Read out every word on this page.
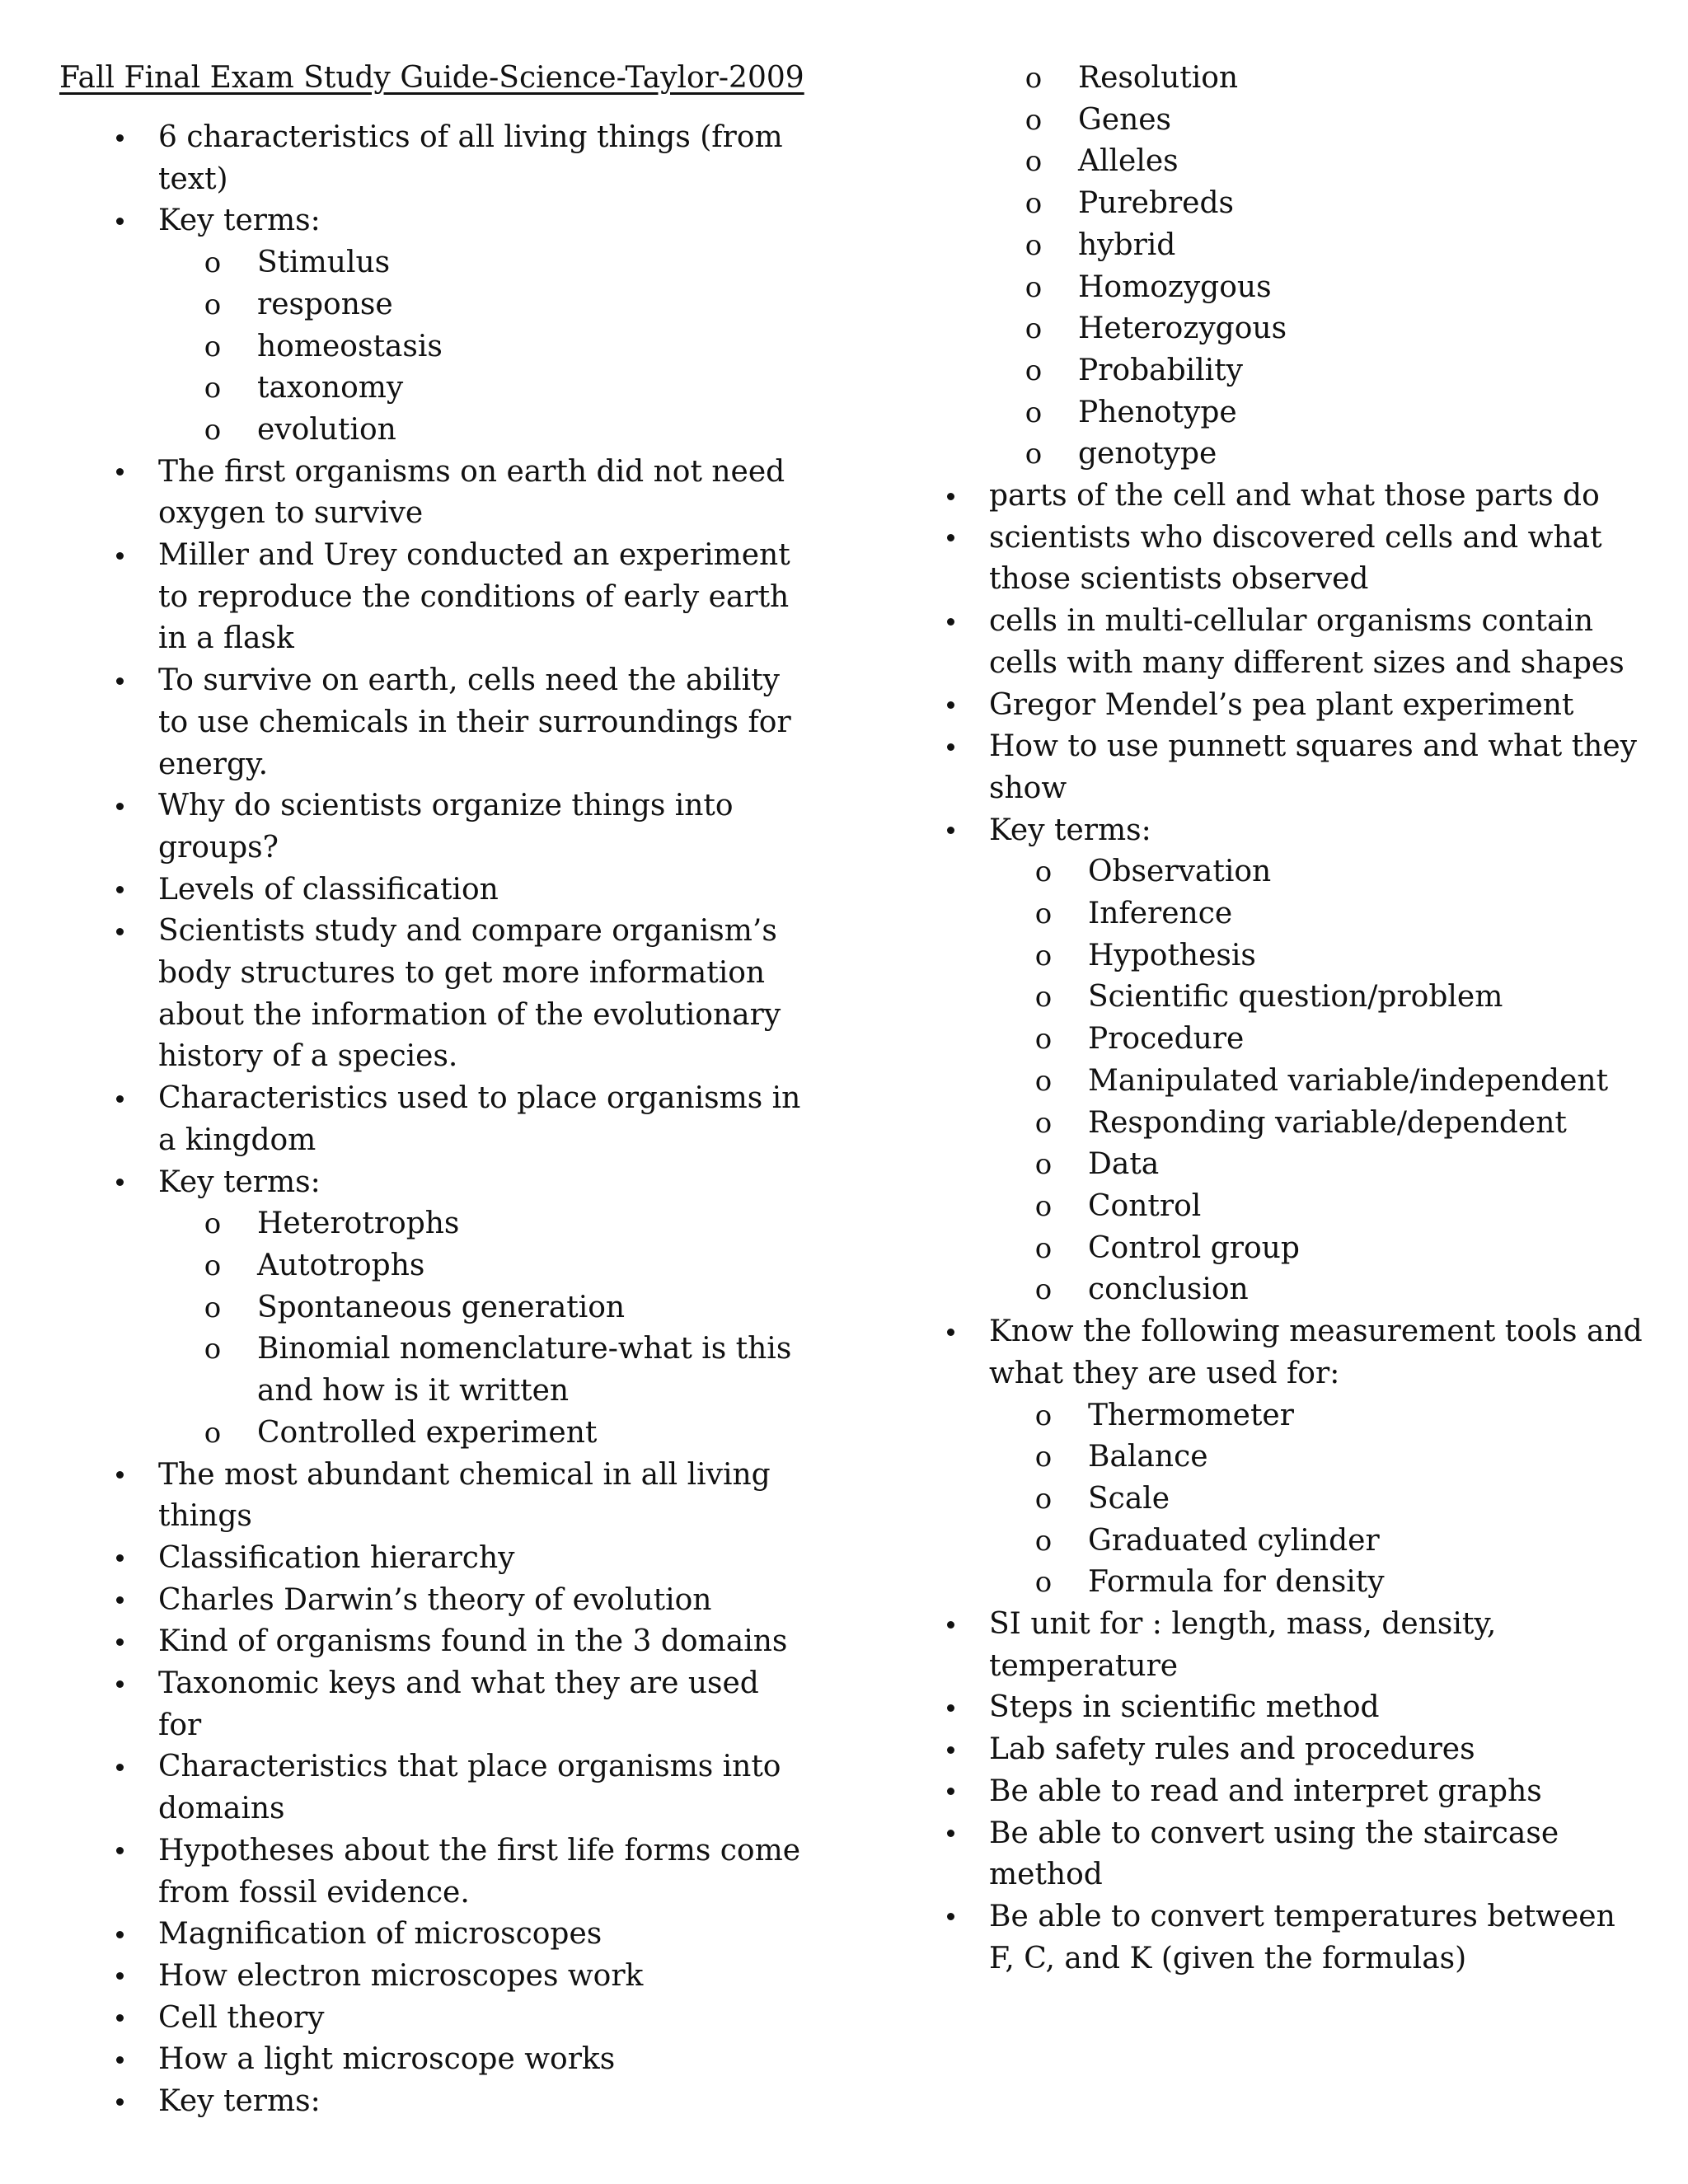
Fall Final Exam Study Guide-Science-Taylor-2009
6 characteristics of all living things (from text)
Key terms:
o Stimulus
o response
o homeostasis
o taxonomy
o evolution
The first organisms on earth did not need oxygen to survive
Miller and Urey conducted an experiment to reproduce the conditions of early earth in a flask
To survive on earth, cells need the ability to use chemicals in their surroundings for energy.
Why do scientists organize things into groups?
Levels of classification
Scientists study and compare organism’s body structures to get more information about the information of the evolutionary history of a species.
Characteristics used to place organisms in a kingdom
Key terms:
o Heterotrophs
o Autotrophs
o Spontaneous generation
o Binomial nomenclature-what is this and how is it written
o Controlled experiment
The most abundant chemical in all living things
Classification hierarchy
Charles Darwin’s theory of evolution
Kind of organisms found in the 3 domains
Taxonomic keys and what they are used for
Characteristics that place organisms into domains
Hypotheses about the first life forms come from fossil evidence.
Magnification of microscopes
How electron microscopes work
Cell theory
How a light microscope works
Key terms:
o Resolution
o Genes
o Alleles
o Purebreds
o hybrid
o Homozygous
o Heterozygous
o Probability
o Phenotype
o genotype
parts of the cell and what those parts do
scientists who discovered cells and what those scientists observed
cells in multi-cellular organisms contain cells with many different sizes and shapes
Gregor Mendel’s pea plant experiment
How to use punnett squares and what they show
Key terms:
o Observation
o Inference
o Hypothesis
o Scientific question/problem
o Procedure
o Manipulated variable/independent
o Responding variable/dependent
o Data
o Control
o Control group
o conclusion
Know the following measurement tools and what they are used for:
o Thermometer
o Balance
o Scale
o Graduated cylinder
o Formula for density
SI unit for : length, mass, density, temperature
Steps in scientific method
Lab safety rules and procedures
Be able to read and interpret graphs
Be able to convert using the staircase method
Be able to convert temperatures between F, C, and K (given the formulas)
